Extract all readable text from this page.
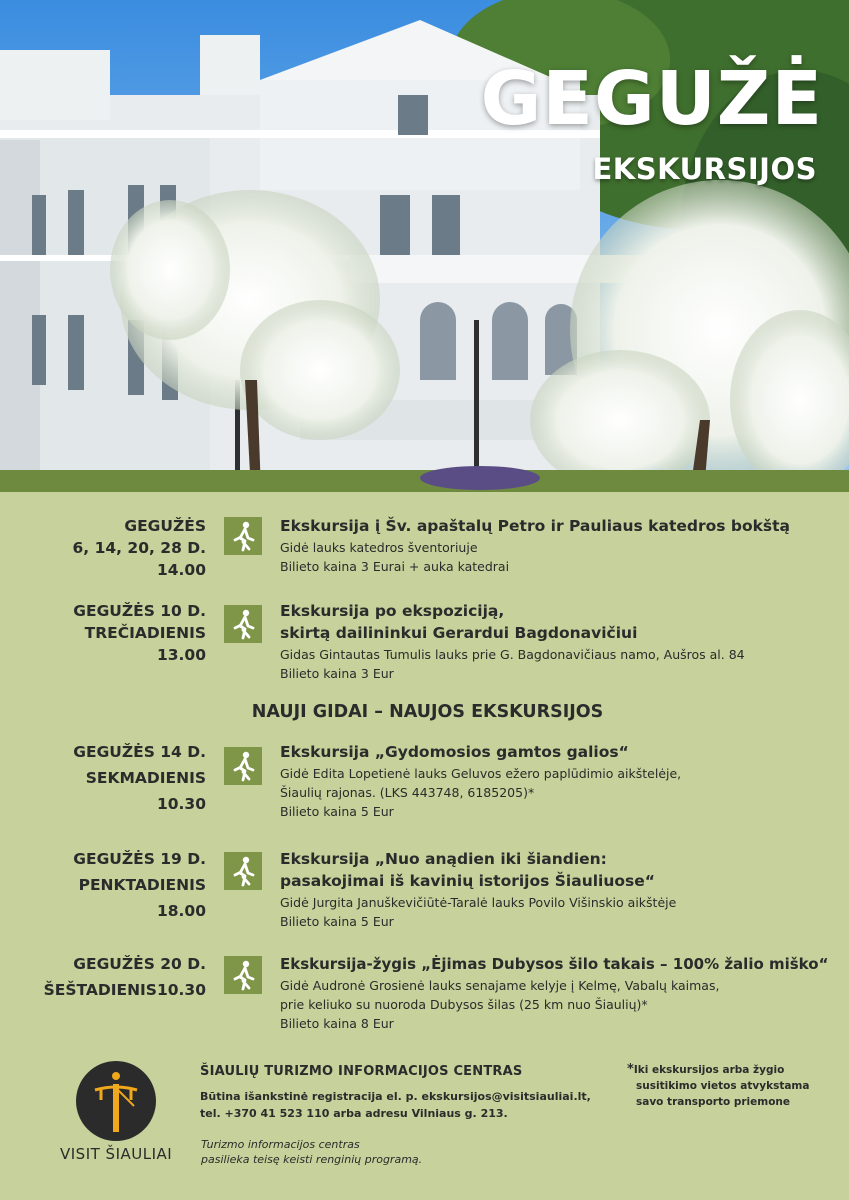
GEGUŽĖ
EKSKURSIJOS
GEGUŽĖS
6, 14, 20, 28 D.
14.00
Ekskursija į Šv. apaštalų Petro ir Pauliaus katedros bokštą
Gidė lauks katedros šventoriuje
Bilieto kaina 3 Eurai + auka katedrai
GEGUŽĖS 10 D.
TREČIADIENIS
13.00
Ekskursija po ekspoziciją,
skirtą dailininkui Gerardui Bagdonavičiui
Gidas Gintautas Tumulis lauks prie G. Bagdonavičiaus namo, Aušros al. 84
Bilieto kaina 3 Eur
NAUJI GIDAI – NAUJOS EKSKURSIJOS
GEGUŽĖS 14 D.
SEKMADIENIS
10.30
Ekskursija „Gydomosios gamtos galios“
Gidė Edita Lopetienė lauks Geluvos ežero paplūdimio aikštelėje,
Šiaulių rajonas. (LKS 443748, 6185205)*
Bilieto kaina 5 Eur
GEGUŽĖS 19 D.
PENKTADIENIS
18.00
Ekskursija „Nuo anądien iki šiandien:
pasakojimai iš kavinių istorijos Šiauliuose“
Gidė Jurgita Januškevičiūtė-Taralė lauks Povilo Višinskio aikštėje
Bilieto kaina 5 Eur
GEGUŽĖS 20 D.
ŠEŠTADIENIS10.30
Ekskursija-žygis „Ėjimas Dubysos šilo takais – 100% žalio miško“
Gidė Audronė Grosienė lauks senajame kelyje į Kelmę, Vabalų kaimas,
prie keliuko su nuoroda Dubysos šilas (25 km nuo Šiaulių)*
Bilieto kaina 8 Eur
VISIT ŠIAULIAI
ŠIAULIŲ TURIZMO INFORMACIJOS CENTRAS
Būtina išankstinė registracija el. p. ekskursijos@visitsiauliai.lt,
tel. +370 41 523 110 arba adresu Vilniaus g. 213.
Turizmo informacijos centras
pasilieka teisę keisti renginių programą.
*Iki ekskursijos arba žygio
susitikimo vietos atvykstama
savo transporto priemone
